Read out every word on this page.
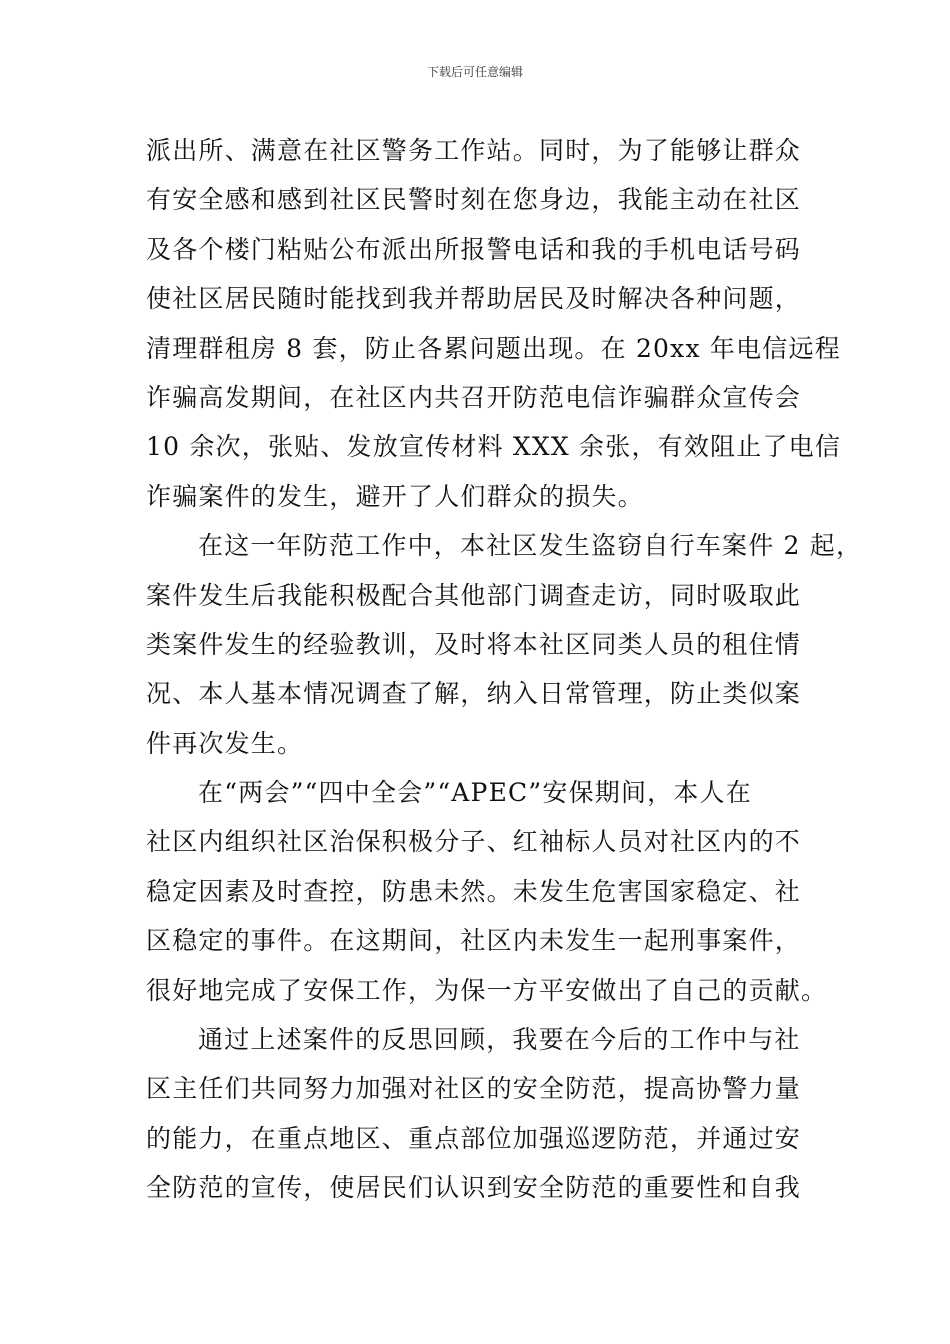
下载后可任意编辑
派出所、满意在社区警务工作站。同时，为了能够让群众
有安全感和感到社区民警时刻在您身边，我能主动在社区
及各个楼门粘贴公布派出所报警电话和我的手机电话号码
使社区居民随时能找到我并帮助居民及时解决各种问题，
清理群租房 8 套，防止各累问题出现。在 20xx 年电信远程
诈骗高发期间，在社区内共召开防范电信诈骗群众宣传会
10 余次，张贴、发放宣传材料 XXX 余张，有效阻止了电信
诈骗案件的发生，避开了人们群众的损失。
在这一年防范工作中，本社区发生盗窃自行车案件 2 起，
案件发生后我能积极配合其他部门调查走访，同时吸取此
类案件发生的经验教训，及时将本社区同类人员的租住情
况、本人基本情况调查了解，纳入日常管理，防止类似案
件再次发生。
在“两会”“四中全会”“APEC”安保期间，本人在
社区内组织社区治保积极分子、红袖标人员对社区内的不
稳定因素及时查控，防患未然。未发生危害国家稳定、社
区稳定的事件。在这期间，社区内未发生一起刑事案件，
很好地完成了安保工作，为保一方平安做出了自己的贡献。
通过上述案件的反思回顾，我要在今后的工作中与社
区主任们共同努力加强对社区的安全防范，提高协警力量
的能力，在重点地区、重点部位加强巡逻防范，并通过安
全防范的宣传，使居民们认识到安全防范的重要性和自我
